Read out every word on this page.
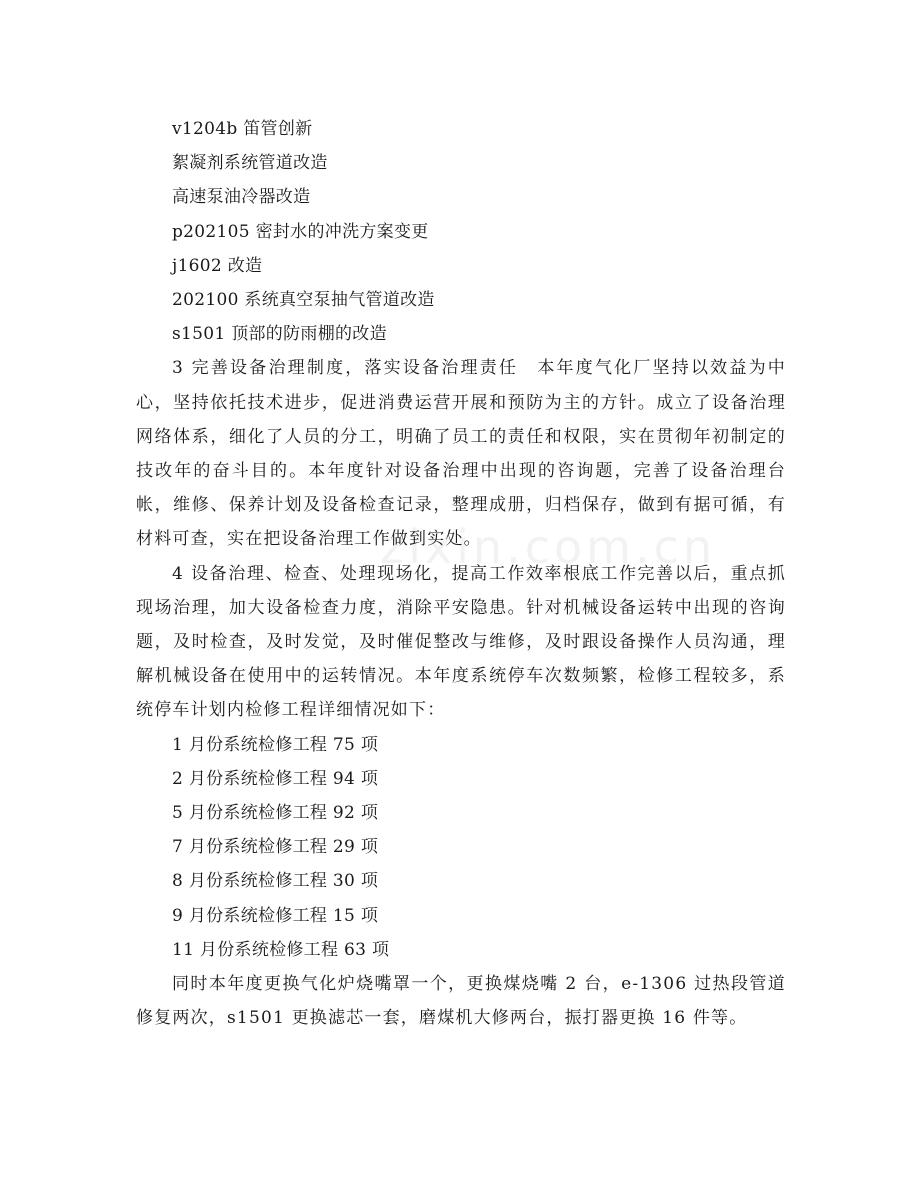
zixin.com.cn
v1204b 笛管创新
絮凝剂系统管道改造
高速泵油冷器改造
p202105 密封水的冲洗方案变更
j1602 改造
202100 系统真空泵抽气管道改造
s1501 顶部的防雨棚的改造
3 完善设备治理制度，落实设备治理责任　本年度气化厂坚持以效益为中心，坚持依托技术进步，促进消费运营开展和预防为主的方针。成立了设备治理网络体系，细化了人员的分工，明确了员工的责任和权限，实在贯彻年初制定的技改年的奋斗目的。本年度针对设备治理中出现的咨询题，完善了设备治理台帐，维修、保养计划及设备检查记录，整理成册，归档保存，做到有据可循，有材料可查，实在把设备治理工作做到实处。
4 设备治理、检查、处理现场化，提高工作效率根底工作完善以后，重点抓现场治理，加大设备检查力度，消除平安隐患。针对机械设备运转中出现的咨询题，及时检查，及时发觉，及时催促整改与维修，及时跟设备操作人员沟通，理解机械设备在使用中的运转情况。本年度系统停车次数频繁，检修工程较多，系统停车计划内检修工程详细情况如下：
1 月份系统检修工程 75 项
2 月份系统检修工程 94 项
5 月份系统检修工程 92 项
7 月份系统检修工程 29 项
8 月份系统检修工程 30 项
9 月份系统检修工程 15 项
11 月份系统检修工程 63 项
同时本年度更换气化炉烧嘴罩一个，更换煤烧嘴 2 台，e-1306 过热段管道修复两次，s1501 更换滤芯一套，磨煤机大修两台，振打器更换 16 件等。
